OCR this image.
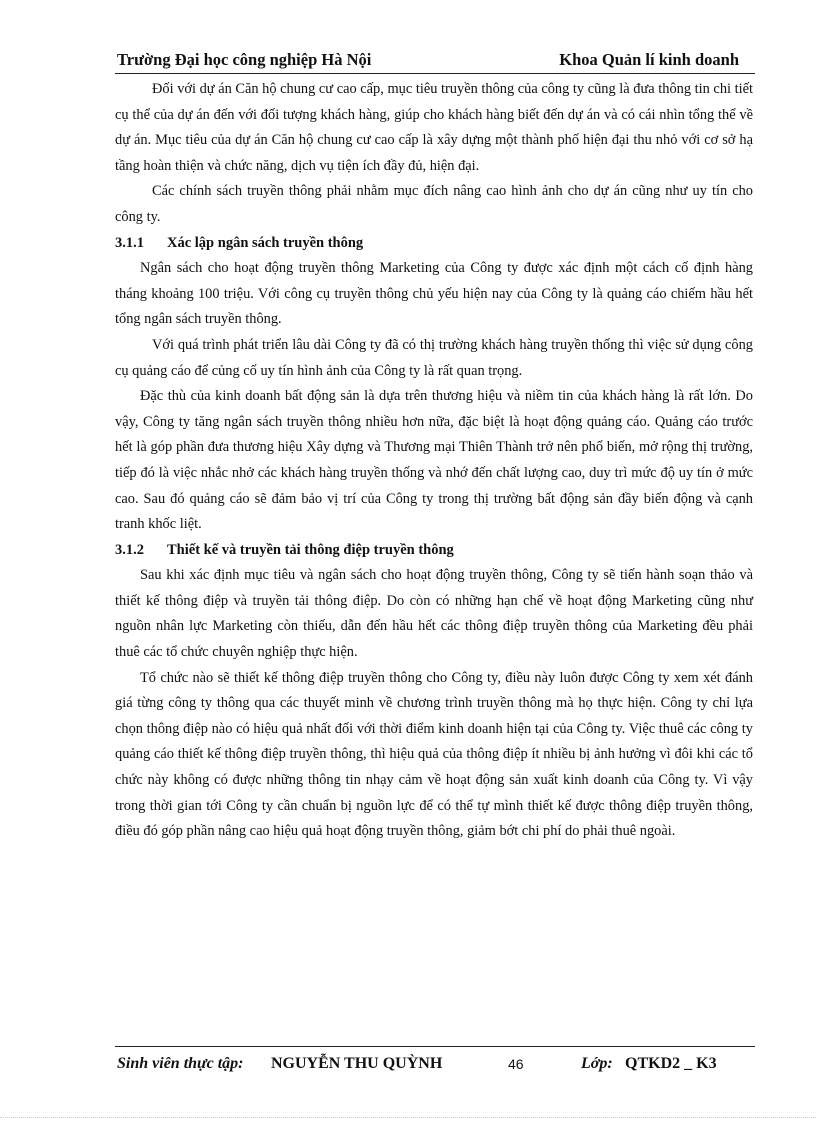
Trường Đại học công nghiệp Hà Nội	Khoa Quản lí kinh doanh

Đối với dự án Căn hộ chung cư cao cấp, mục tiêu truyền thông của công ty cũng là đưa thông tin chi tiết cụ thể của dự án đến với đối tượng khách hàng, giúp cho khách hàng biết đến dự án và có cái nhìn tổng thể về dự án. Mục tiêu của dự án Căn hộ chung cư cao cấp là xây dựng một thành phố hiện đại thu nhỏ với cơ sở hạ tầng hoàn thiện và chức năng, dịch vụ tiện ích đầy đủ, hiện đại.

Các chính sách truyền thông phải nhằm mục đích nâng cao hình ảnh cho dự án cũng như uy tín cho công ty.

3.1.1 Xác lập ngân sách truyền thông

Ngân sách cho hoạt động truyền thông Marketing của Công ty được xác định một cách cố định hàng tháng khoảng 100 triệu. Với công cụ truyền thông chủ yếu hiện nay của Công ty là quảng cáo chiếm hầu hết tổng ngân sách truyền thông.

Với quá trình phát triển lâu dài Công ty đã có thị trường khách hàng truyền thống thì việc sử dụng công cụ quảng cáo để củng cố uy tín hình ảnh của Công ty là rất quan trọng.

Đặc thù của kinh doanh bất động sản là dựa trên thương hiệu và niềm tin của khách hàng là rất lớn. Do vậy, Công ty tăng ngân sách truyền thông nhiều hơn nữa, đặc biệt là hoạt động quảng cáo. Quảng cáo trước hết là góp phần đưa thương hiệu Xây dựng và Thương mại Thiên Thành trở nên phổ biến, mở rộng thị trường, tiếp đó là việc nhắc nhở các khách hàng truyền thống và nhớ đến chất lượng cao, duy trì mức độ uy tín ở mức cao. Sau đó quảng cáo sẽ đảm bảo vị trí của Công ty trong thị trường bất động sản đầy biến động và cạnh tranh khốc liệt.

3.1.2 Thiết kế và truyền tải thông điệp truyền thông

Sau khi xác định mục tiêu và ngân sách cho hoạt động truyền thông, Công ty sẽ tiến hành soạn thảo và thiết kế thông điệp và truyền tải thông điệp. Do còn có những hạn chế về hoạt động Marketing cũng như nguồn nhân lực Marketing còn thiếu, dẫn đến hầu hết các thông điệp truyền thông của Marketing đều phải thuê các tổ chức chuyên nghiệp thực hiện.

Tổ chức nào sẽ thiết kế thông điệp truyền thông cho Công ty, điều này luôn được Công ty xem xét đánh giá từng công ty thông qua các thuyết minh về chương trình truyền thông mà họ thực hiện. Công ty chỉ lựa chọn thông điệp nào có hiệu quả nhất đối với thời điểm kinh doanh hiện tại của Công ty. Việc thuê các công ty quảng cáo thiết kế thông điệp truyền thông, thì hiệu quả của thông điệp ít nhiều bị ảnh hưởng vì đôi khi các tổ chức này không có được những thông tin nhạy cảm về hoạt động sản xuất kinh doanh của Công ty. Vì vậy trong thời gian tới Công ty cần chuẩn bị nguồn lực để có thể tự mình thiết kế được thông điệp truyền thông, điều đó góp phần nâng cao hiệu quả hoạt động truyền thông, giảm bớt chi phí do phải thuê ngoài.

Sinh viên thực tập: NGUYỄN THU QUỲNH	46	Lớp: QTKD2 _ K3
